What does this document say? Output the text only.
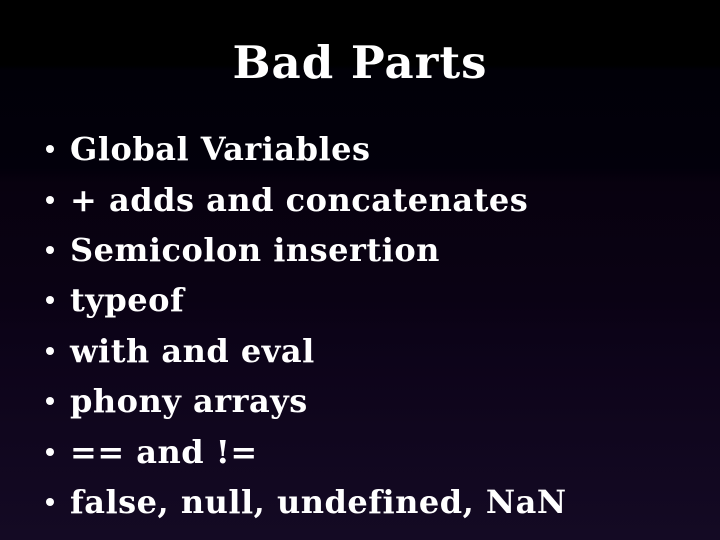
Bad Parts
Global Variables
+ adds and concatenates
Semicolon insertion
typeof
with and eval
phony arrays
== and !=
false, null, undefined, NaN
